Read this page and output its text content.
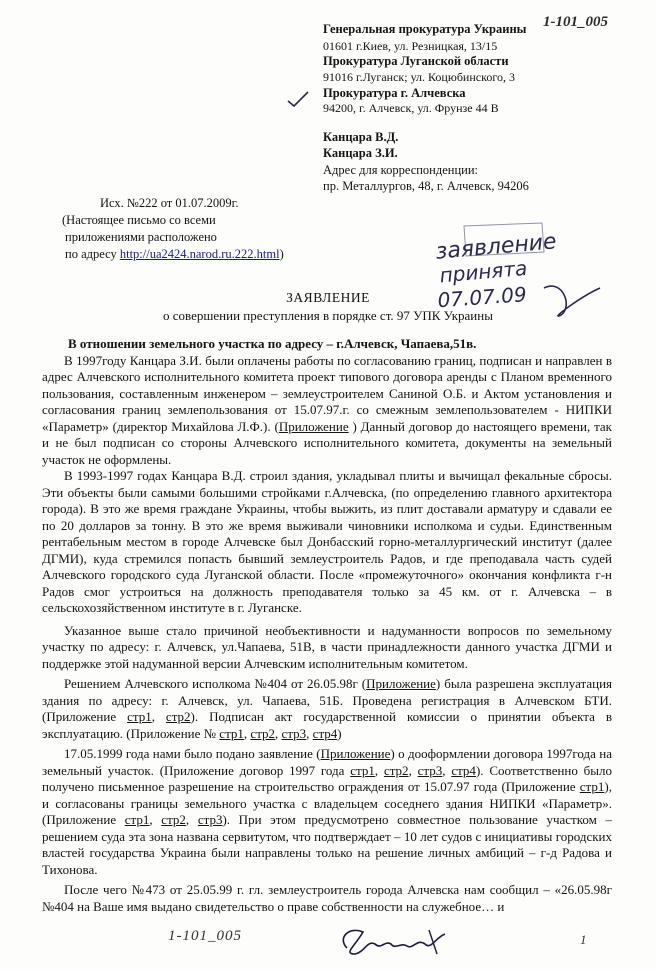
1-101_005
Генеральная прокуратура Украины
01601 г.Киев, ул. Резницкая, 13/15
Прокуратура Луганской области
91016 г.Луганск; ул. Коцюбинского, 3
Прокуратура г. Алчевска
94200, г. Алчевск, ул. Фрунзе 44 В
Канцара В.Д.
Канцара З.И.
Адрес для корреспонденции:
пр. Металлургов, 48, г. Алчевск, 94206
Исх. №222 от 01.07.2009г.
(Настоящее письмо со всеми
приложениями расположено
по адресу http://ua2424.narod.ru.222.html)	заявление
принята
07.07.09
ЗАЯВЛЕНИЕ
о совершении преступления в порядке ст. 97 УПК Украины

В отношении земельного участка по адресу – г.Алчевск, Чапаева,51в.

В 1997году Канцара З.И. были оплачены работы по согласованию границ, подписан и направлен в адрес Алчевского исполнительного комитета проект типового договора аренды с Планом временного пользования, составленным инженером – землеустроителем Саниной О.Б. и Актом установления и согласования границ землепользования от 15.07.97.г. со смежным землепользователем - НИПКИ «Параметр» (директор Михайлова Л.Ф.). (Приложение ) Данный договор до настоящего времени, так и не был подписан со стороны Алчевского исполнительного комитета, документы на земельный участок не оформлены.

В 1993-1997 годах Канцара В.Д. строил здания, укладывал плиты и вычищал фекальные сбросы. Эти объекты были самыми большими стройками г.Алчевска, (по определению главного архитектора города). В это же время граждане Украины, чтобы выжить, из плит доставали арматуру и сдавали ее по 20 долларов за тонну. В это же время выживали чиновники исполкома и судьи. Единственным рентабельным местом в городе Алчевске был Донбасский горно-металлургический институт (далее ДГМИ), куда стремился попасть бывший землеустроитель Радов, и где преподавала часть судей Алчевского городского суда Луганской области. После «промежуточного» окончания конфликта г-н Радов смог устроиться на должность преподавателя только за 45 км. от г. Алчевска – в сельскохозяйственном институте в г. Луганске.

Указанное выше стало причиной необъективности и надуманности вопросов по земельному участку по адресу: г. Алчевск, ул.Чапаева, 51В, в части принадлежности данного участка ДГМИ и поддержке этой надуманной версии Алчевским исполнительным комитетом.

Решением Алчевского исполкома №404 от 26.05.98г (Приложение) была разрешена эксплуатация здания по адресу: г. Алчевск, ул. Чапаева, 51Б. Проведена регистрация в Алчевском БТИ. (Приложение стр1, стр2). Подписан акт государственной комиссии о принятии объекта в эксплуатацию. (Приложение № стр1, стр2, стр3, стр4)

17.05.1999 года нами было подано заявление (Приложение) о дооформлении договора 1997года на земельный участок. (Приложение договор 1997 года стр1, стр2, стр3, стр4). Соответственно было получено письменное разрешение на строительство ограждения от 15.07.97 года (Приложение стр1), и согласованы границы земельного участка с владельцем соседнего здания НИПКИ «Параметр». (Приложение стр1, стр2, стр3). При этом предусмотрено совместное пользование участком – решением суда эта зона названа сервитутом, что подтверждает – 10 лет судов с инициативы городских властей государства Украина были направлены только на решение личных амбиций – г-д Радова и Тихонова.

После чего №473 от 25.05.99 г. гл. землеустроитель города Алчевска нам сообщил – «26.05.98г №404 на Ваше имя выдано свидетельство о праве собственности на служебное… и

1-101_005	1
